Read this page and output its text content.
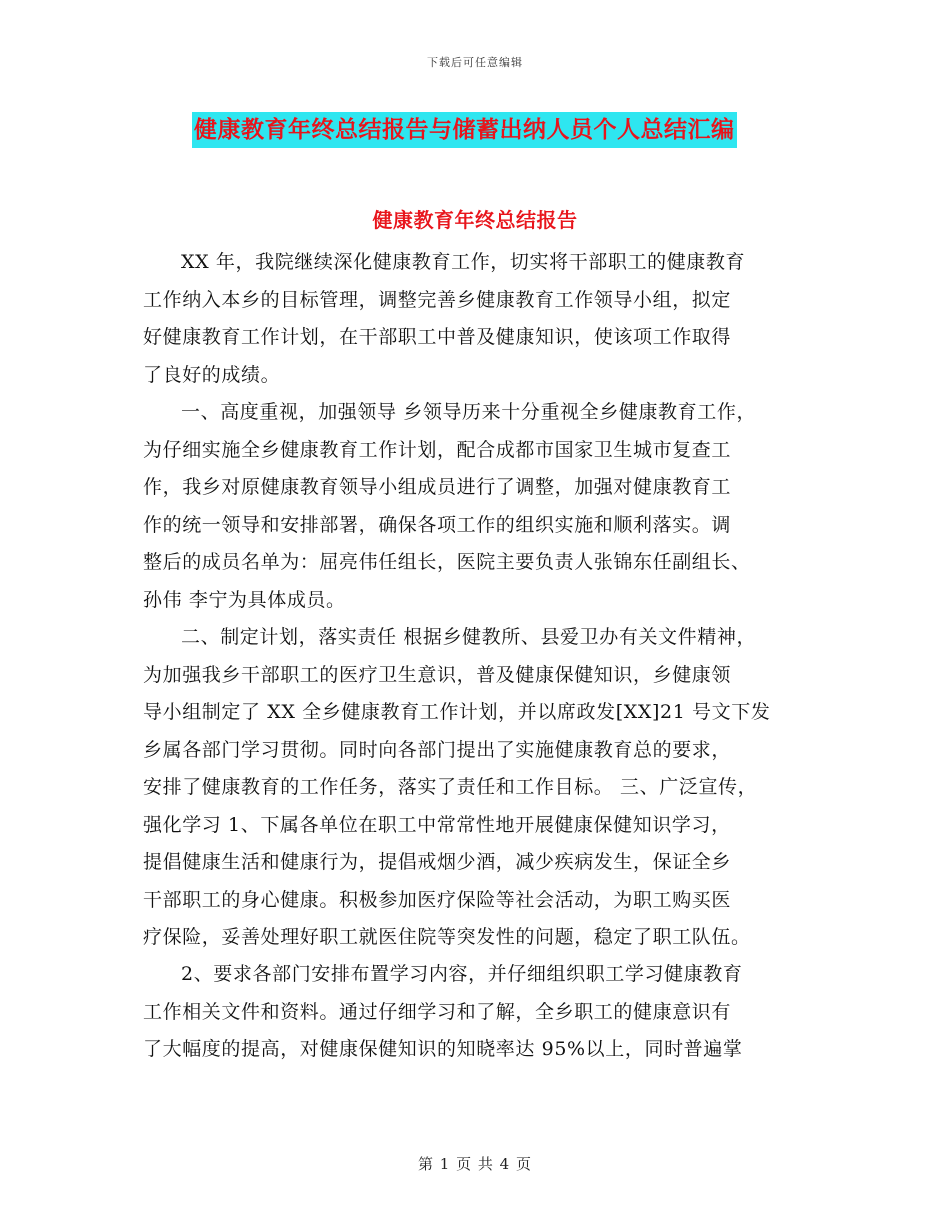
下载后可任意编辑
健康教育年终总结报告与储蓄出纳人员个人总结汇编
健康教育年终总结报告
XX 年，我院继续深化健康教育工作，切实将干部职工的健康教育
工作纳入本乡的目标管理，调整完善乡健康教育工作领导小组，拟定
好健康教育工作计划，在干部职工中普及健康知识，使该项工作取得
了良好的成绩。
一、高度重视，加强领导 乡领导历来十分重视全乡健康教育工作，
为仔细实施全乡健康教育工作计划，配合成都市国家卫生城市复查工
作，我乡对原健康教育领导小组成员进行了调整，加强对健康教育工
作的统一领导和安排部署，确保各项工作的组织实施和顺利落实。调
整后的成员名单为：屈亮伟任组长，医院主要负责人张锦东任副组长、
孙伟 李宁为具体成员。
二、制定计划，落实责任 根据乡健教所、县爱卫办有关文件精神，
为加强我乡干部职工的医疗卫生意识，普及健康保健知识，乡健康领
导小组制定了 XX 全乡健康教育工作计划，并以席政发[XX]21 号文下发
乡属各部门学习贯彻。同时向各部门提出了实施健康教育总的要求，
安排了健康教育的工作任务，落实了责任和工作目标。 三、广泛宣传，
强化学习 1、下属各单位在职工中常常性地开展健康保健知识学习，
提倡健康生活和健康行为，提倡戒烟少酒，减少疾病发生，保证全乡
干部职工的身心健康。积极参加医疗保险等社会活动，为职工购买医
疗保险，妥善处理好职工就医住院等突发性的问题，稳定了职工队伍。
2、要求各部门安排布置学习内容，并仔细组织职工学习健康教育
工作相关文件和资料。通过仔细学习和了解，全乡职工的健康意识有
了大幅度的提高，对健康保健知识的知晓率达 95%以上，同时普遍掌
第 1 页 共 4 页
